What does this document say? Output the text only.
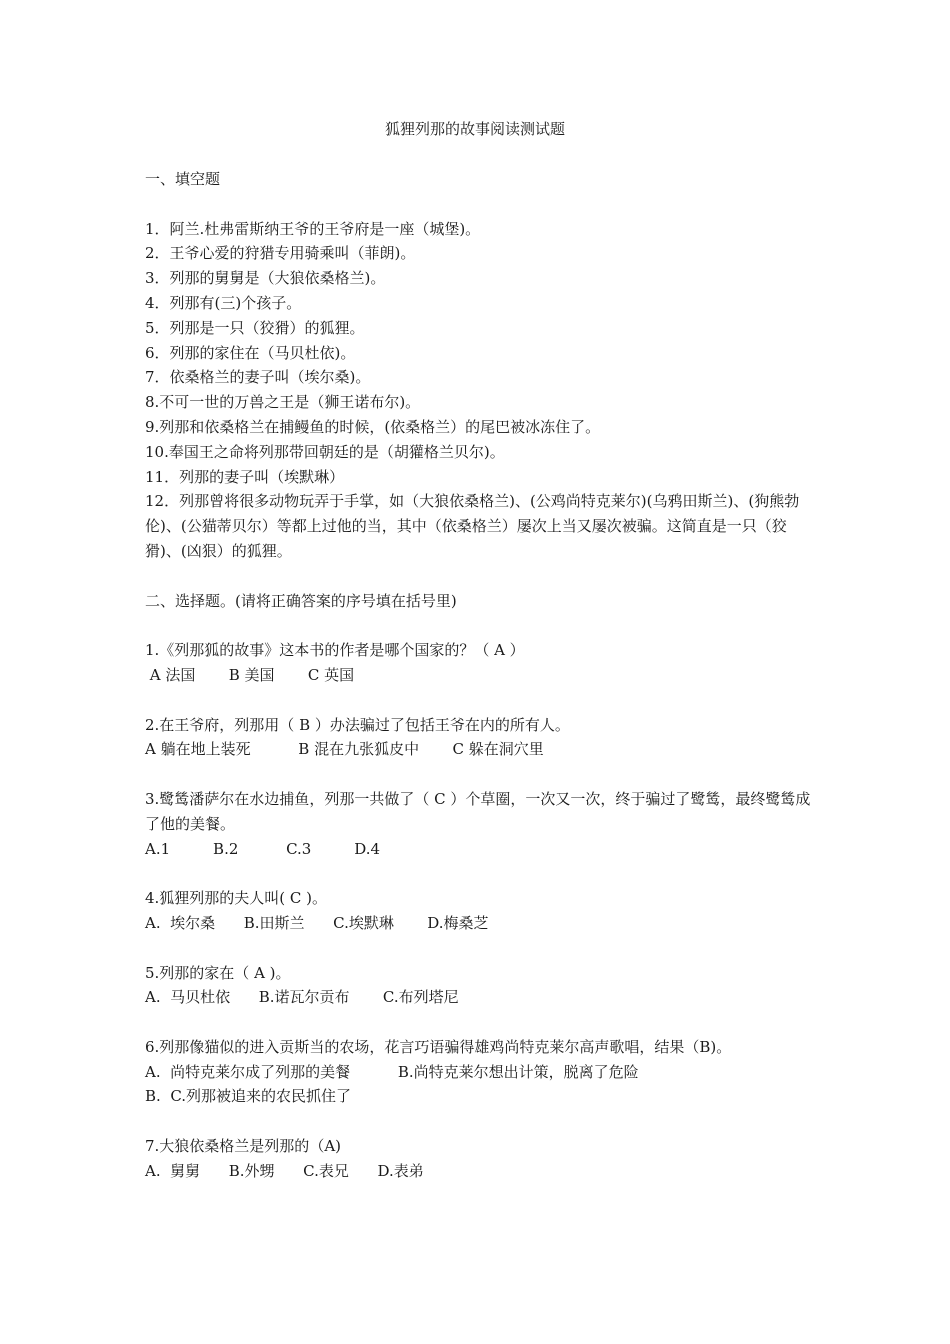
狐狸列那的故事阅读测试题
一、填空题
1．阿兰.杜弗雷斯纳王爷的王爷府是一座（城堡)。
2．王爷心爱的狩猎专用骑乘叫（菲朗)。
3．列那的舅舅是（大狼依桑格兰)。
4．列那有(三)个孩子。
5．列那是一只（狡猾）的狐狸。
6．列那的家住在（马贝杜依)。
7．依桑格兰的妻子叫（埃尔桑)。
8.不可一世的万兽之王是（狮王诺布尔)。
9.列那和依桑格兰在捕鳗鱼的时候，(依桑格兰）的尾巴被冰冻住了。
10.奉国王之命将列那带回朝廷的是（胡獾格兰贝尔)。
11．列那的妻子叫（埃默琳）
12．列那曾将很多动物玩弄于手掌，如（大狼依桑格兰)、(公鸡尚特克莱尔)(乌鸦田斯兰)、(狗熊勃伦)、(公猫蒂贝尔）等都上过他的当，其中（依桑格兰）屡次上当又屡次被骗。这简直是一只（狡猾)、(凶狠）的狐狸。
二、选择题。(请将正确答案的序号填在括号里)
1.《列那狐的故事》这本书的作者是哪个国家的？（ A ）
A 法国       B 美国       C 英国
2.在王爷府，列那用（ B ）办法骗过了包括王爷在内的所有人。
A 躺在地上装死          B 混在九张狐皮中       C 躲在洞穴里
3.鹭鸶潘萨尔在水边捕鱼，列那一共做了（ C ）个草圈，一次又一次，终于骗过了鹭鸶，最终鹭鸶成了他的美餐。
A.1         B.2          C.3         D.4
4.狐狸列那的夫人叫( C )。
A.  埃尔桑      B.田斯兰      C.埃默琳       D.梅桑芝
5.列那的家在（ A )。
A.  马贝杜依      B.诺瓦尔贡布       C.布列塔尼
6.列那像猫似的进入贡斯当的农场，花言巧语骗得雄鸡尚特克莱尔高声歌唱，结果（B)。
A.  尚特克莱尔成了列那的美餐          B.尚特克莱尔想出计策，脱离了危险
B.  C.列那被追来的农民抓住了
7.大狼依桑格兰是列那的（A)
A.  舅舅      B.外甥      C.表兄      D.表弟
